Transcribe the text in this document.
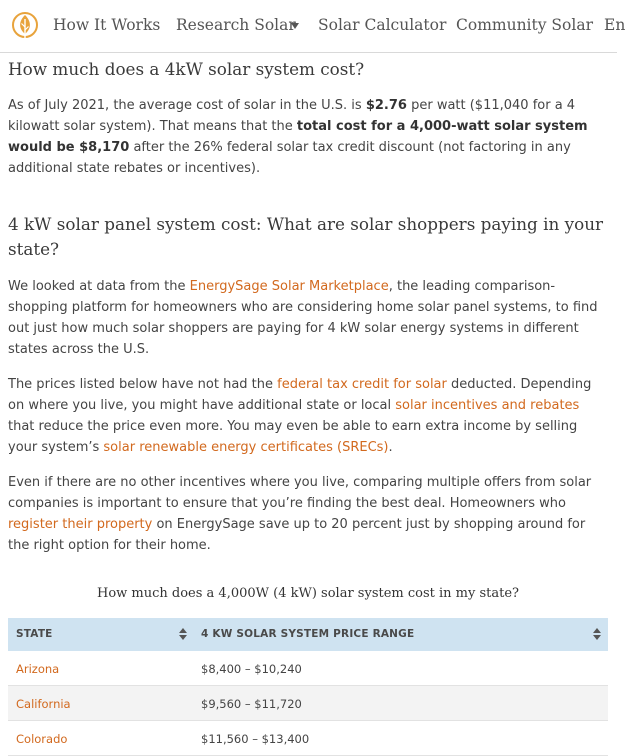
How It Works Research Solar Solar Calculator Community Solar En
How much does a 4kW solar system cost?

As of July 2021, the average cost of solar in the U.S. is $2.76 per watt ($11,040 for a 4 kilowatt solar system). That means that the total cost for a 4,000-watt solar system would be $8,170 after the 26% federal solar tax credit discount (not factoring in any additional state rebates or incentives).

4 kW solar panel system cost: What are solar shoppers paying in your state?

We looked at data from the EnergySage Solar Marketplace, the leading comparison-shopping platform for homeowners who are considering home solar panel systems, to find out just how much solar shoppers are paying for 4 kW solar energy systems in different states across the U.S.

The prices listed below have not had the federal tax credit for solar deducted. Depending on where you live, you might have additional state or local solar incentives and rebates that reduce the price even more. You may even be able to earn extra income by selling your system’s solar renewable energy certificates (SRECs).

Even if there are no other incentives where you live, comparing multiple offers from solar companies is important to ensure that you’re finding the best deal. Homeowners who register their property on EnergySage save up to 20 percent just by shopping around for the right option for their home.

How much does a 4,000W (4 kW) solar system cost in my state?
STATE	4 KW SOLAR SYSTEM PRICE RANGE
Arizona	$8,400 – $10,240
California	$9,560 – $11,720
Colorado	$11,560 – $13,400
